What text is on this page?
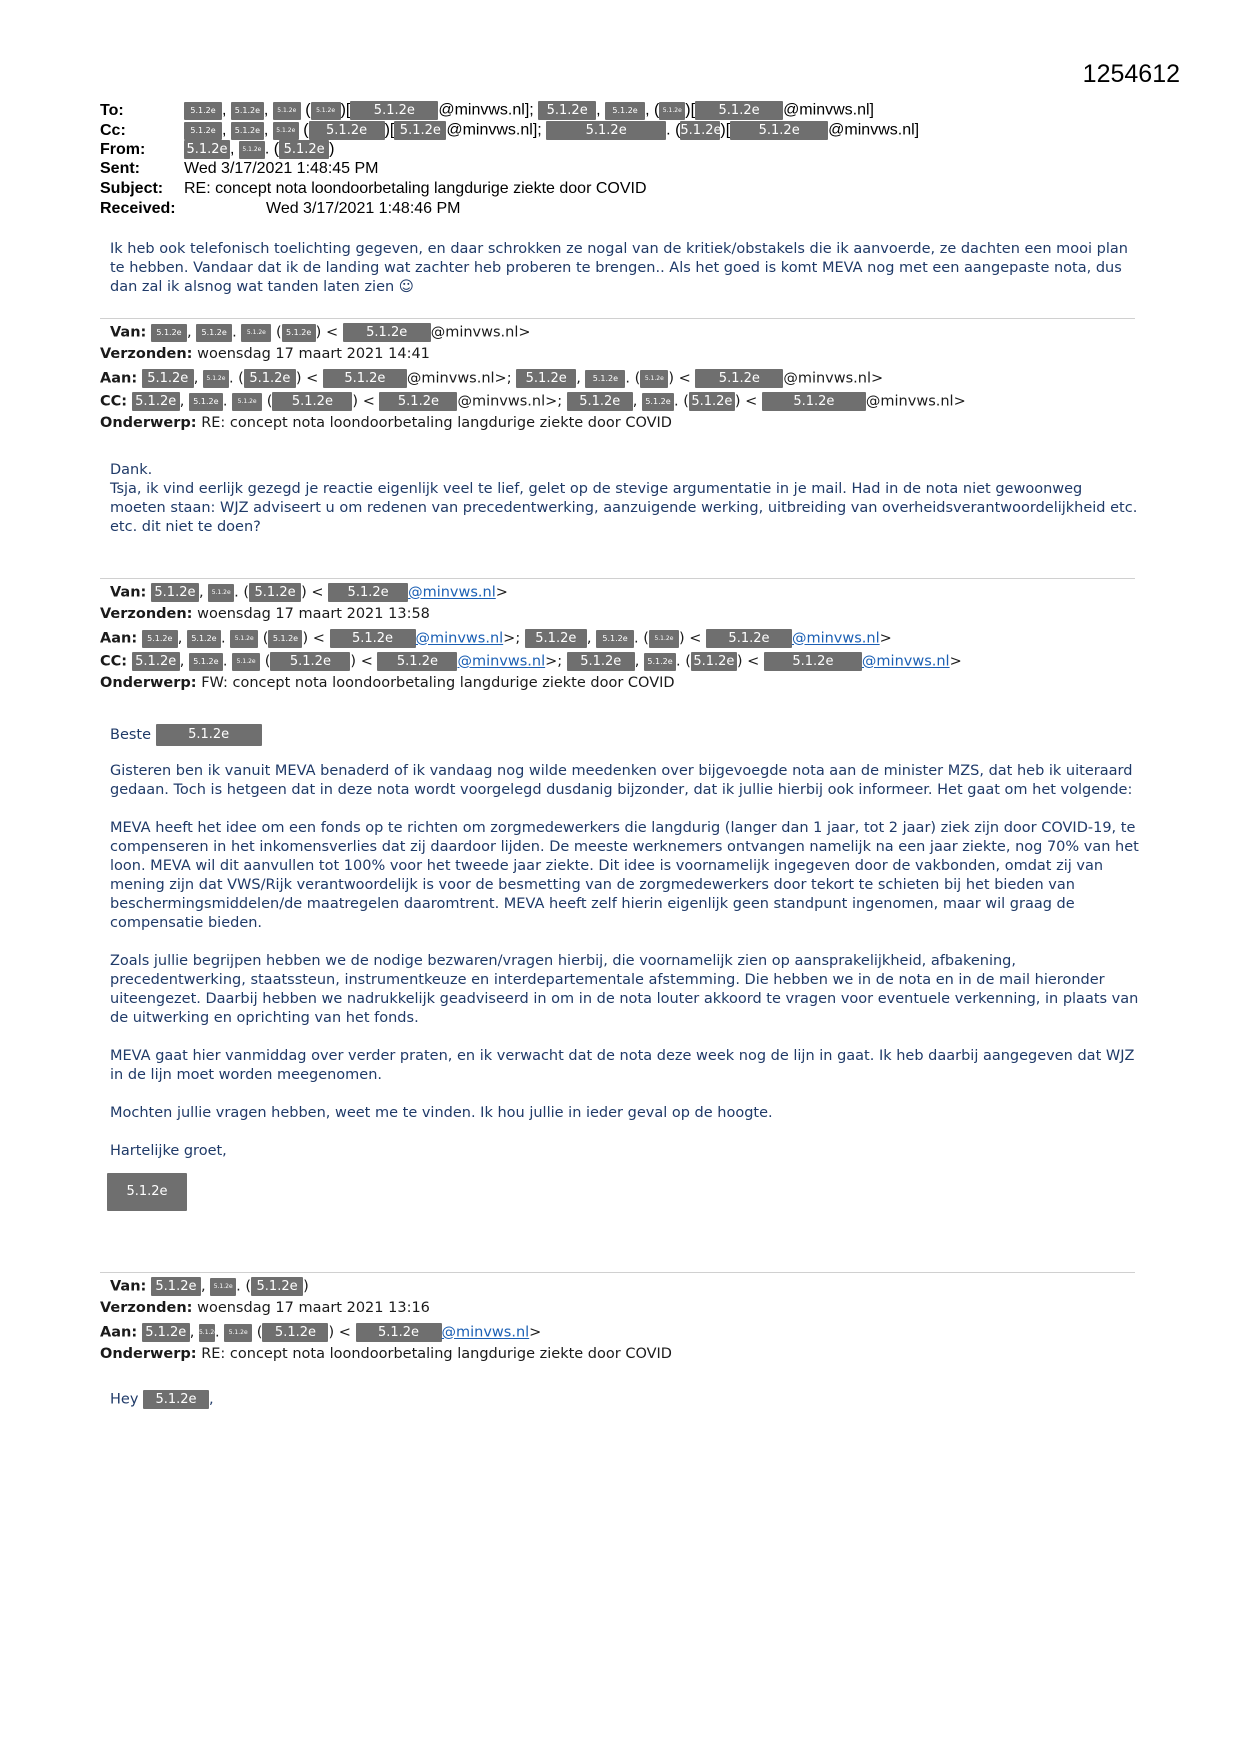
1254612
To:	5.1.2e , 5.1.2e , 5.1.2e ( 5.1.2e )[ 5.1.2e @minvws.nl]; 5.1.2e , 5.1.2e , ( 5.1.2e )[ 5.1.2e @minvws.nl]
Cc:	5.1.2e , 5.1.2e , 5.1.2e ( 5.1.2e )[ 5.1.2e @minvws.nl];	5.1.2e . (5.1.2e)[ 5.1.2e @minvws.nl]
From:	5.1.2e , 5.1.2e . ( 5.1.2e )
Sent:	Wed 3/17/2021 1:48:45 PM
Subject: RE: concept nota loondoorbetaling langdurige ziekte door COVID
Received:	Wed 3/17/2021 1:48:46 PM

Ik heb ook telefonisch toelichting gegeven, en daar schrokken ze nogal van de kritiek/obstakels die ik aanvoerde, ze dachten een mooi plan te hebben. Vandaar dat ik de landing wat zachter heb proberen te brengen.. Als het goed is komt MEVA nog met een aangepaste nota, dus dan zal ik alsnog wat tanden laten zien ☺

Van: 5.1.2e , 5.1.2e . 5.1.2e ( 5.1.2e ) < 5.1.2e @minvws.nl>
Verzonden: woensdag 17 maart 2021 14:41
Aan: 5.1.2e , 5.1.2e . ( 5.1.2e ) < 5.1.2e @minvws.nl>; 5.1.2e , 5.1.2e . ( 5.1.2e ) < 5.1.2e @minvws.nl>
CC: 5.1.2e , 5.1.2e . 5.1.2e ( 5.1.2e ) < 5.1.2e @minvws.nl>; 5.1.2e , 5.1.2e . ( 5.1.2e ) < 5.1.2e @minvws.nl>
Onderwerp: RE: concept nota loondoorbetaling langdurige ziekte door COVID

Dank.

Tsja, ik vind eerlijk gezegd je reactie eigenlijk veel te lief, gelet op de stevige argumentatie in je mail. Had in de nota niet gewoonweg moeten staan: WJZ adviseert u om redenen van precedentwerking, aanzuigende werking, uitbreiding van overheidsverantwoordelijkheid etc. etc. dit niet te doen?

Van: 5.1.2e , 5.1.2e . ( 5.1.2e ) < 5.1.2e @minvws.nl>
Verzonden: woensdag 17 maart 2021 13:58
Aan: 5.1.2e , 5.1.2e . 5.1.2e ( 5.1.2e ) < 5.1.2e @minvws.nl>; 5.1.2e , 5.1.2e . ( 5.1.2e ) < 5.1.2e @minvws.nl>
CC: 5.1.2e , 5.1.2e . 5.1.2e ( 5.1.2e ) < 5.1.2e @minvws.nl>; 5.1.2e , 5.1.2e . ( 5.1.2e ) < 5.1.2e @minvws.nl>
Onderwerp: FW: concept nota loondoorbetaling langdurige ziekte door COVID

Beste	5.1.2e

Gisteren ben ik vanuit MEVA benaderd of ik vandaag nog wilde meedenken over bijgevoegde nota aan de minister MZS, dat heb ik uiteraard gedaan. Toch is hetgeen dat in deze nota wordt voorgelegd dusdanig bijzonder, dat ik jullie hierbij ook informeer. Het gaat om het volgende:

MEVA heeft het idee om een fonds op te richten om zorgmedewerkers die langdurig (langer dan 1 jaar, tot 2 jaar) ziek zijn door COVID-19, te compenseren in het inkomensverlies dat zij daardoor lijden. De meeste werknemers ontvangen namelijk na een jaar ziekte, nog 70% van het loon. MEVA wil dit aanvullen tot 100% voor het tweede jaar ziekte. Dit idee is voornamelijk ingegeven door de vakbonden, omdat zij van mening zijn dat VWS/Rijk verantwoordelijk is voor de besmetting van de zorgmedewerkers door tekort te schieten bij het bieden van beschermingsmiddelen/de maatregelen daaromtrent. MEVA heeft zelf hierin eigenlijk geen standpunt ingenomen, maar wil graag de compensatie bieden.

Zoals jullie begrijpen hebben we de nodige bezwaren/vragen hierbij, die voornamelijk zien op aansprakelijkheid, afbakening, precedentwerking, staatssteun, instrumentkeuze en interdepartementale afstemming. Die hebben we in de nota en in de mail hieronder uiteengezet. Daarbij hebben we nadrukkelijk geadviseerd in om in de nota louter akkoord te vragen voor eventuele verkenning, in plaats van de uitwerking en oprichting van het fonds.

MEVA gaat hier vanmiddag over verder praten, en ik verwacht dat de nota deze week nog de lijn in gaat. Ik heb daarbij aangegeven dat WJZ in de lijn moet worden meegenomen.

Mochten jullie vragen hebben, weet me te vinden. Ik hou jullie in ieder geval op de hoogte.

Hartelijke groet,

5.1.2e
Van: 5.1.2e , 5.1.2e . ( 5.1.2e )
Verzonden: woensdag 17 maart 2021 13:16
Aan: 5.1.2e , 5.1.2e. 5.1.2e ( 5.1.2e ) < 5.1.2e @minvws.nl>
Onderwerp: RE: concept nota loondoorbetaling langdurige ziekte door COVID

Hey 5.1.2e ,
